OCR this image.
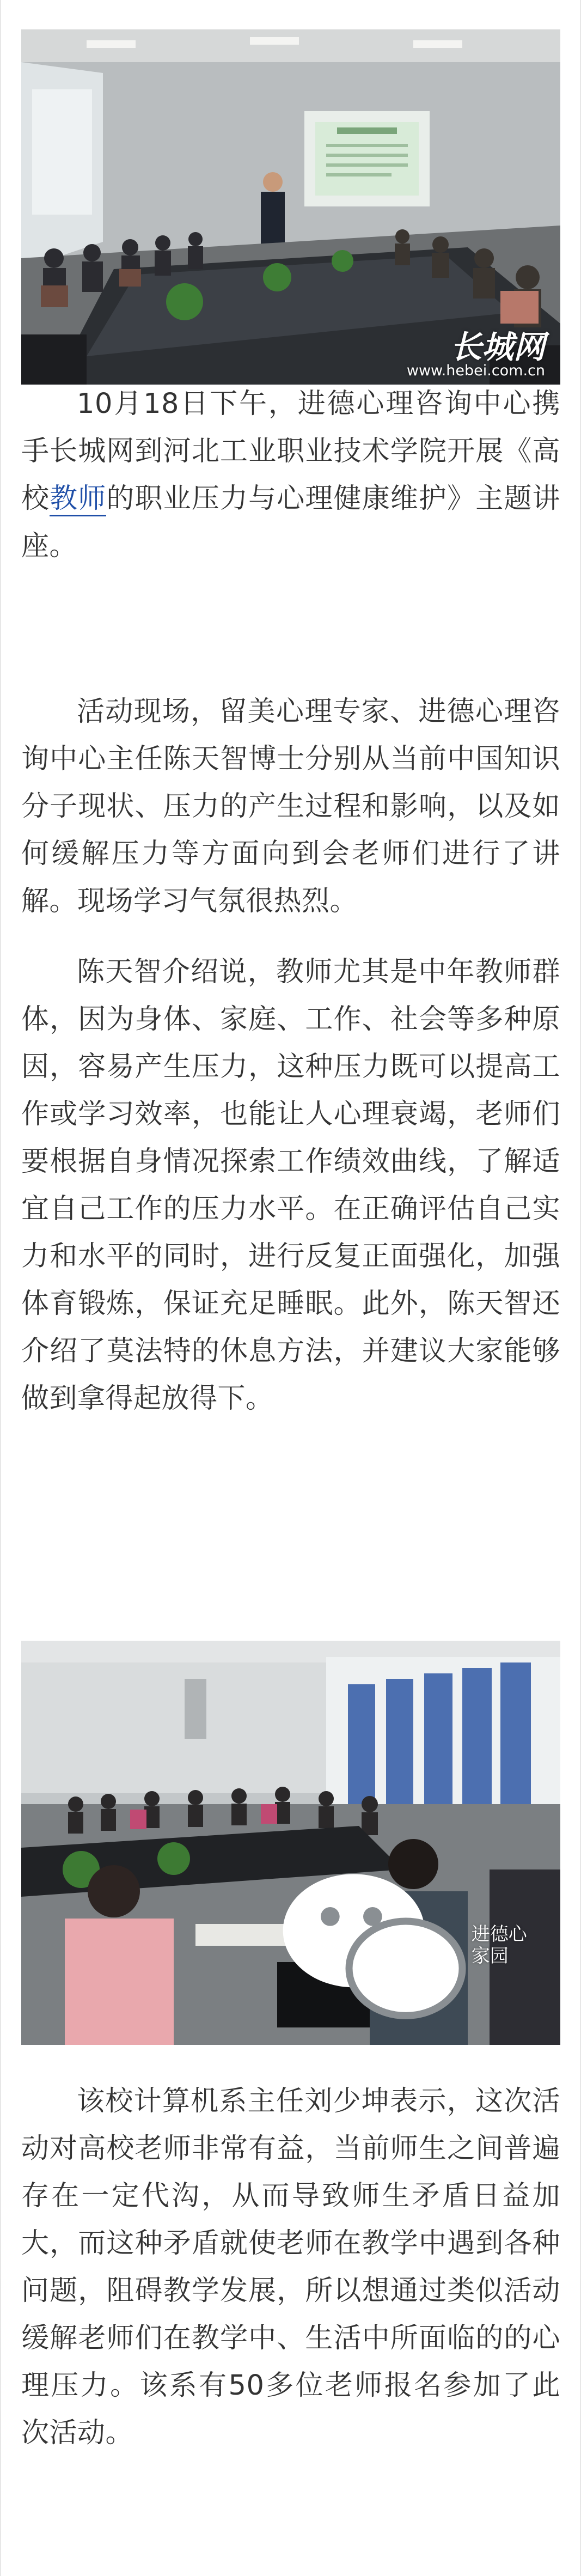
长城网
www.hebei.com.cn

10月18日下午，进德心理咨询中心携手长城网到河北工业职业技术学院开展《高校教师的职业压力与心理健康维护》主题讲座。

活动现场，留美心理专家、进德心理咨询中心主任陈天智博士分别从当前中国知识分子现状、压力的产生过程和影响，以及如何缓解压力等方面向到会老师们进行了讲解。现场学习气氛很热烈。

陈天智介绍说，教师尤其是中年教师群体，因为身体、家庭、工作、社会等多种原因，容易产生压力，这种压力既可以提高工作或学习效率，也能让人心理衰竭，老师们要根据自身情况探索工作绩效曲线，了解适宜自己工作的压力水平。在正确评估自己实力和水平的同时，进行反复正面强化，加强体育锻炼，保证充足睡眠。此外，陈天智还介绍了莫法特的休息方法，并建议大家能够做到拿得起放得下。

进德心家园

该校计算机系主任刘少坤表示，这次活动对高校老师非常有益，当前师生之间普遍存在一定代沟，从而导致师生矛盾日益加大，而这种矛盾就使老师在教学中遇到各种问题，阻碍教学发展，所以想通过类似活动缓解老师们在教学中、生活中所面临的的心理压力。该系有50多位老师报名参加了此次活动。
